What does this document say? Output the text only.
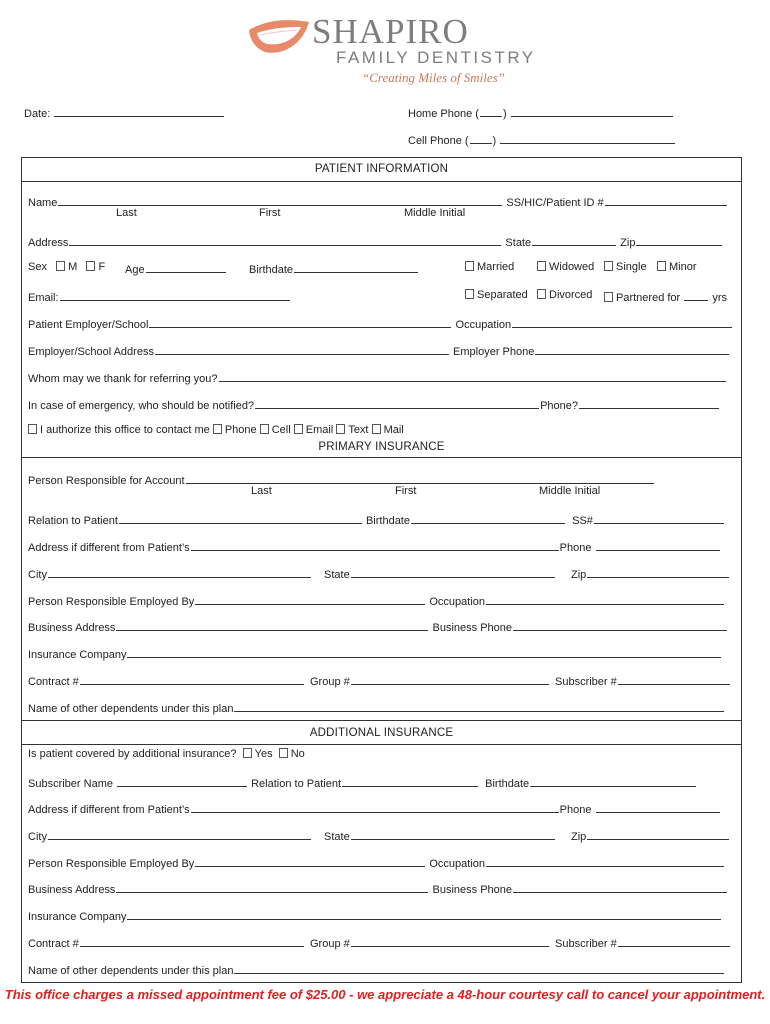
SHAPIRO
FAMILY DENTISTRY
“Creating Miles of Smiles”
Date:	Home Phone ( )
Cell Phone ( )
PATIENT INFORMATION
Name	SS/HIC/Patient ID #
Last	First	Middle Initial
Address	State	Zip
Sex M F Age	Birthdate	Married	Widowed	Single	Minor
Email:	Separated	Divorced	Partnered for	yrs
Patient Employer/School	Occupation
Employer/School Address	Employer Phone
Whom may we thank for referring you?
In case of emergency, who should be notified?	Phone?
I authorize this office to contact me Phone Cell Email Text Mail
PRIMARY INSURANCE
Person Responsible for Account
Last	First	Middle Initial
Relation to Patient	Birthdate	SS#
Address if different from Patient’s	Phone
City	State	Zip
Person Responsible Employed By	Occupation
Business Address	Business Phone
Insurance Company
Contract #	Group #	Subscriber #
Name of other dependents under this plan
ADDITIONAL INSURANCE
Is patient covered by additional insurance? Yes No
Subscriber Name	Relation to Patient	Birthdate
Address if different from Patient’s	Phone
City	State	Zip
Person Responsible Employed By	Occupation
Business Address	Business Phone
Insurance Company
Contract #	Group #	Subscriber #
Name of other dependents under this plan
This office charges a missed appointment fee of $25.00 - we appreciate a 48-hour courtesy call to cancel your appointment.
